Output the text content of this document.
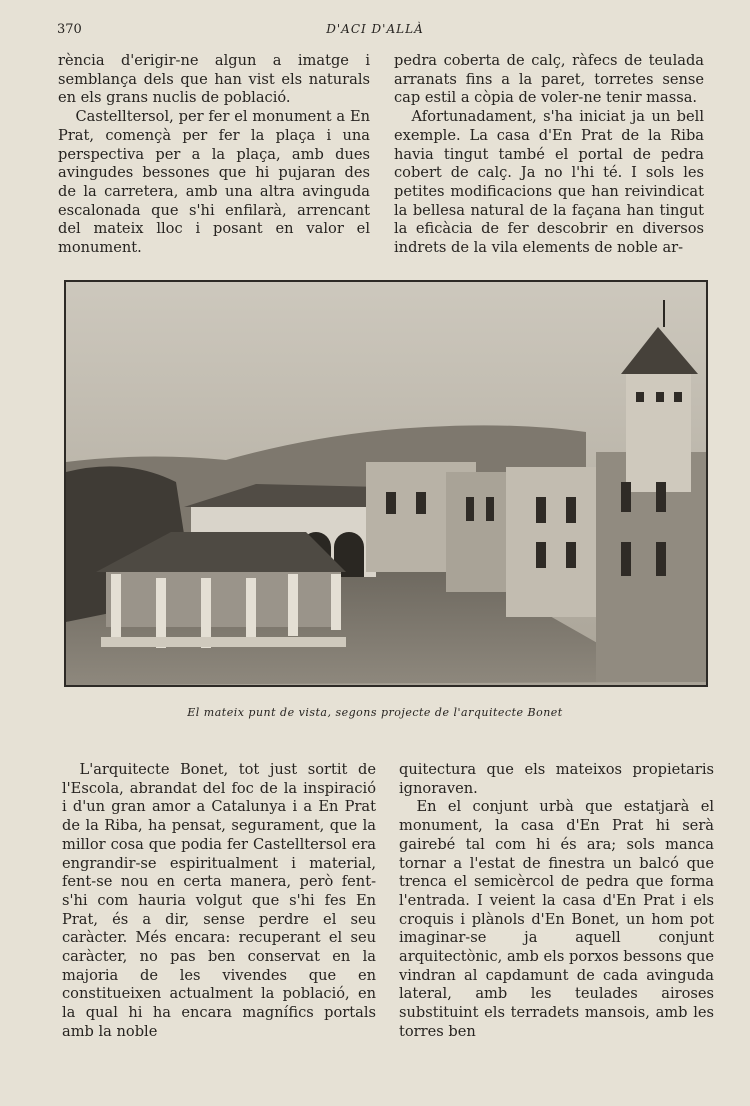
370	D'ACI D'ALLÀ

rència d'erigir-ne algun a imatge i semblança dels que han vist els naturals en els grans nuclis de població.

Castelltersol, per fer el monument a En Prat, començà per fer la plaça i una perspectiva per a la plaça, amb dues avingudes bessones que hi pujaran des de la carretera, amb una altra avinguda escalonada que s'hi enfilarà, arrencant del mateix lloc i posant en valor el monument.

pedra coberta de calç, ràfecs de teulada arranats fins a la paret, torretes sense cap estil a còpia de voler-ne tenir massa.

Afortunadament, s'ha iniciat ja un bell exemple. La casa d'En Prat de la Riba havia tingut també el portal de pedra cobert de calç. Ja no l'hi té. I sols les petites modificacions que han reivindicat la bellesa natural de la façana han tingut la eficàcia de fer descobrir en diversos indrets de la vila elements de noble ar-

El mateix punt de vista, segons projecte de l'arquitecte Bonet

L'arquitecte Bonet, tot just sortit de l'Escola, abrandat del foc de la inspiració i d'un gran amor a Catalunya i a En Prat de la Riba, ha pensat, segurament, que la millor cosa que podia fer Castelltersol era engrandir-se espiritualment i material, fent-se nou en certa manera, però fent-s'hi com hauria volgut que s'hi fes En Prat, és a dir, sense perdre el seu caràcter. Més encara: recuperant el seu caràcter, no pas ben conservat en la majoria de les vivendes que en constitueixen actualment la població, en la qual hi ha encara magnífics portals amb la noble

quitectura que els mateixos propietaris ignoraven.

En el conjunt urbà que estatjarà el monument, la casa d'En Prat hi serà gairebé tal com hi és ara; sols manca tornar a l'estat de finestra un balcó que trenca el semicèrcol de pedra que forma l'entrada. I veient la casa d'En Prat i els croquis i plànols d'En Bonet, un hom pot imaginar-se ja aquell conjunt arquitectònic, amb els porxos bessons que vindran al capdamunt de cada avinguda lateral, amb les teulades airoses substituint els terradets mansois, amb les torres ben
